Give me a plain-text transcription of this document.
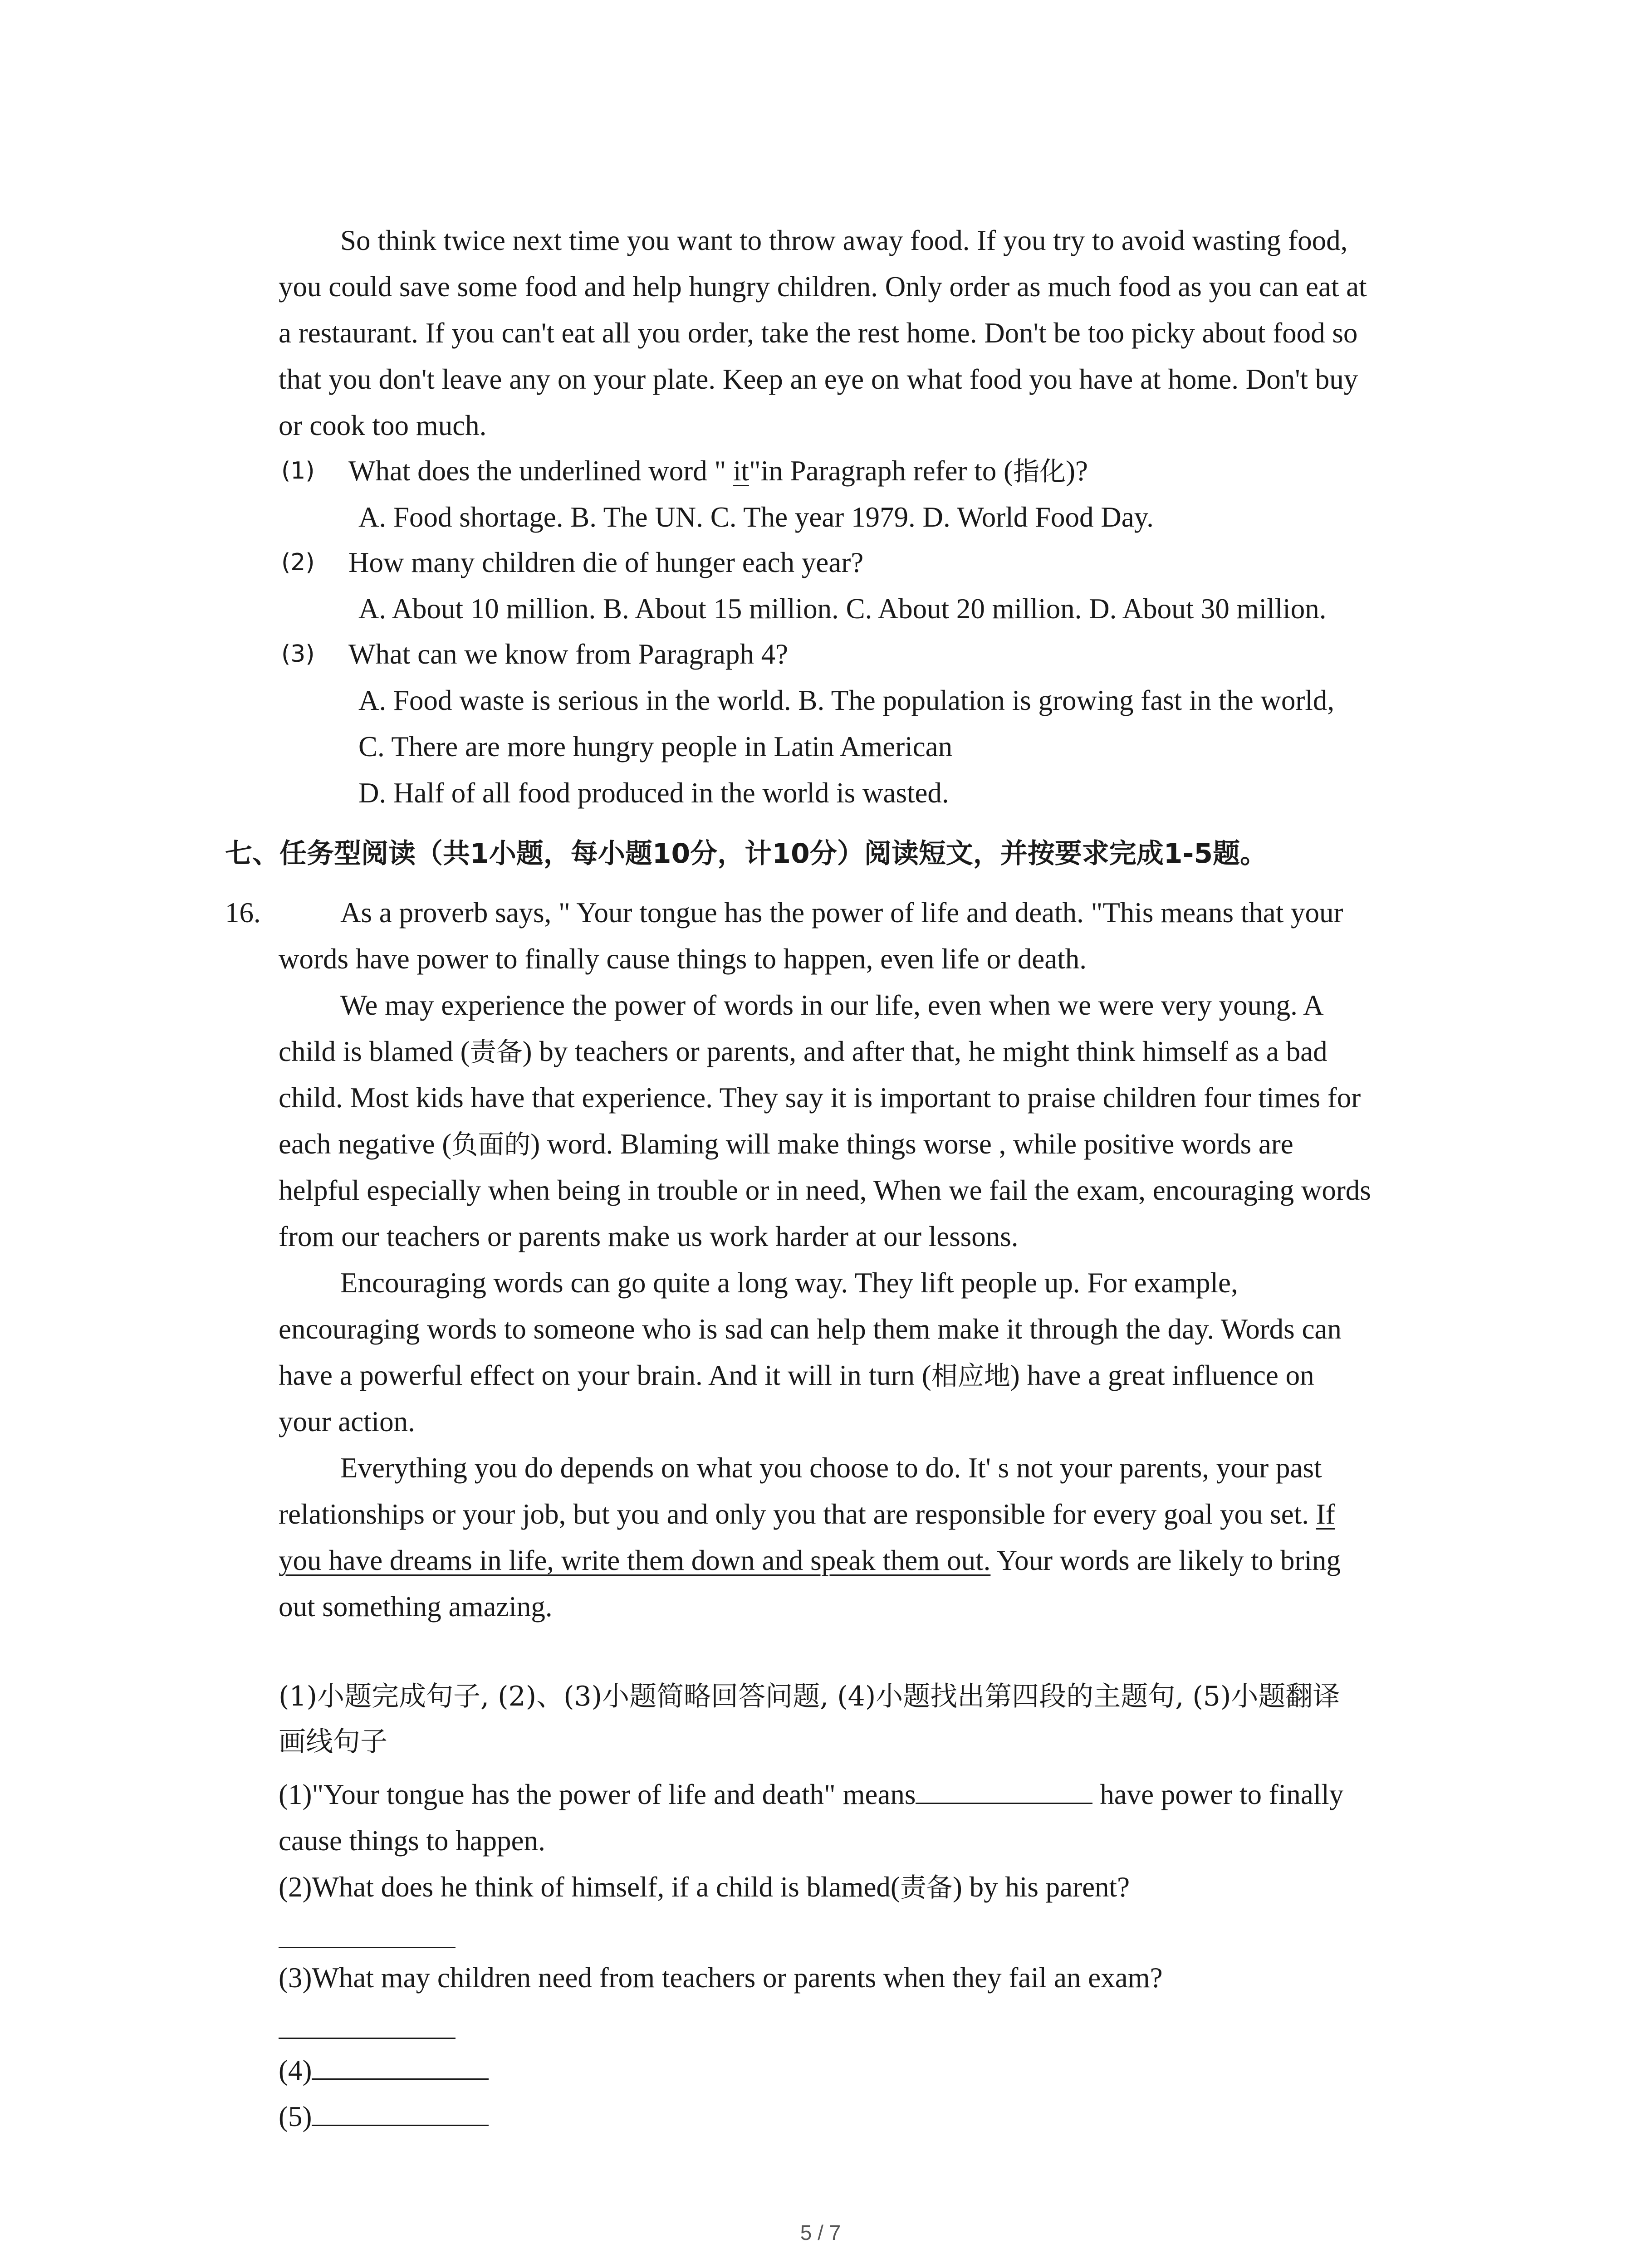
So think twice next time you want to throw away food. If you try to avoid wasting food,
you could save some food and help hungry children. Only order as much food as you can eat at
a restaurant. If you can't eat all you order, take the rest home. Don't be too picky about food so
that you don't leave any on your plate. Keep an eye on what food you have at home. Don't buy
or cook too much.
(1) What does the underlined word " it"in Paragraph refer to (指化)?
A. Food shortage. B. The UN. C. The year 1979. D. World Food Day.
(2) How many children die of hunger each year?
A. About 10 million. B. About 15 million. C. About 20 million. D. About 30 million.
(3) What can we know from Paragraph 4?
A. Food waste is serious in the world. B. The population is growing fast in the world,
C. There are more hungry people in Latin American
D. Half of all food produced in the world is wasted.
七、任务型阅读（共1小题，每小题10分，计10分）阅读短文，并按要求完成1-5题。
16.	As a proverb says, " Your tongue has the power of life and death. "This means that your
words have power to finally cause things to happen, even life or death.
We may experience the power of words in our life, even when we were very young. A
child is blamed (责备) by teachers or parents, and after that, he might think himself as a bad
child. Most kids have that experience. They say it is important to praise children four times for
each negative (负面的) word. Blaming will make things worse , while positive words are
helpful especially when being in trouble or in need, When we fail the exam, encouraging words
from our teachers or parents make us work harder at our lessons.
Encouraging words can go quite a long way. They lift people up. For example,
encouraging words to someone who is sad can help them make it through the day. Words can
have a powerful effect on your brain. And it will in turn (相应地) have a great influence on
your action.
Everything you do depends on what you choose to do. It' s not your parents, your past
relationships or your job, but you and only you that are responsible for every goal you set. If
you have dreams in life, write them down and speak them out. Your words are likely to bring
out something amazing.
(1)小题完成句子, (2)、(3)小题简略回答问题, (4)小题找出第四段的主题句, (5)小题翻译
画线句子
(1)"Your tongue has the power of life and death" means	have power to finally
cause things to happen.
(2)What does he think of himself, if a child is blamed(责备) by his parent?
(3)What may children need from teachers or parents when they fail an exam?
(4)
(5)
5 / 7
